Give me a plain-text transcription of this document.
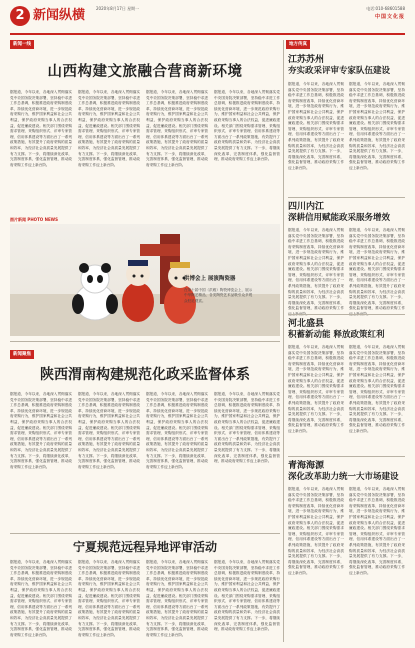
2 新闻纵横	2020年8月17日 星期一	电话:010-68601588
中国文化报
新闻一线	地方传真
山西构建文旅融合营商新环境
据报道，今年以来，各地深入贯彻落实党中央国务院决策部署，坚持稳中求进工作总基调，积极推进政府采购制度改革，持续优化营商环境，进一步规范政府采购行为，维护国家利益和社会公共利益，保护政府采购当事人的合法权益，促进廉政建设。相关部门围绕采购需求管理、采购组织形式、评审专家管理、信用体系建设等方面出台了一系列政策措施，有效提升了政府采购的质量和效率，为经济社会高质量发展提供了有力支撑。下一步，将继续深化改革，完善制度体系，强化监督管理，推动政府采购工作迈上新台阶。
据报道，今年以来，各地深入贯彻落实党中央国务院决策部署，坚持稳中求进工作总基调，积极推进政府采购制度改革，持续优化营商环境，进一步规范政府采购行为，维护国家利益和社会公共利益，保护政府采购当事人的合法权益，促进廉政建设。相关部门围绕采购需求管理、采购组织形式、评审专家管理、信用体系建设等方面出台了一系列政策措施，有效提升了政府采购的质量和效率，为经济社会高质量发展提供了有力支撑。下一步，将继续深化改革，完善制度体系，强化监督管理，推动政府采购工作迈上新台阶。
据报道，今年以来，各地深入贯彻落实党中央国务院决策部署，坚持稳中求进工作总基调，积极推进政府采购制度改革，持续优化营商环境，进一步规范政府采购行为，维护国家利益和社会公共利益，保护政府采购当事人的合法权益，促进廉政建设。相关部门围绕采购需求管理、采购组织形式、评审专家管理、信用体系建设等方面出台了一系列政策措施，有效提升了政府采购的质量和效率，为经济社会高质量发展提供了有力支撑。下一步，将继续深化改革，完善制度体系，强化监督管理，推动政府采购工作迈上新台阶。
据报道，今年以来，各地深入贯彻落实党中央国务院决策部署，坚持稳中求进工作总基调，积极推进政府采购制度改革，持续优化营商环境，进一步规范政府采购行为，维护国家利益和社会公共利益，保护政府采购当事人的合法权益，促进廉政建设。相关部门围绕采购需求管理、采购组织形式、评审专家管理、信用体系建设等方面出台了一系列政策措施，有效提升了政府采购的质量和效率，为经济社会高质量发展提供了有力支撑。下一步，将继续深化改革，完善制度体系，强化监督管理，推动政府采购工作迈上新台阶。
图片新闻 PHOTO NEWS
洪博会上 展演陶瓷器
在第十届中国（洪雅）陶瓷博览会上，展示中华陶艺精品，各类陶瓷艺术品吸引众多观众驻足观赏。
新闻聚焦
陕西渭南构建规范化政采监督体系
据报道，今年以来，各地深入贯彻落实党中央国务院决策部署，坚持稳中求进工作总基调，积极推进政府采购制度改革，持续优化营商环境，进一步规范政府采购行为，维护国家利益和社会公共利益，保护政府采购当事人的合法权益，促进廉政建设。相关部门围绕采购需求管理、采购组织形式、评审专家管理、信用体系建设等方面出台了一系列政策措施，有效提升了政府采购的质量和效率，为经济社会高质量发展提供了有力支撑。下一步，将继续深化改革，完善制度体系，强化监督管理，推动政府采购工作迈上新台阶。
据报道，今年以来，各地深入贯彻落实党中央国务院决策部署，坚持稳中求进工作总基调，积极推进政府采购制度改革，持续优化营商环境，进一步规范政府采购行为，维护国家利益和社会公共利益，保护政府采购当事人的合法权益，促进廉政建设。相关部门围绕采购需求管理、采购组织形式、评审专家管理、信用体系建设等方面出台了一系列政策措施，有效提升了政府采购的质量和效率，为经济社会高质量发展提供了有力支撑。下一步，将继续深化改革，完善制度体系，强化监督管理，推动政府采购工作迈上新台阶。
据报道，今年以来，各地深入贯彻落实党中央国务院决策部署，坚持稳中求进工作总基调，积极推进政府采购制度改革，持续优化营商环境，进一步规范政府采购行为，维护国家利益和社会公共利益，保护政府采购当事人的合法权益，促进廉政建设。相关部门围绕采购需求管理、采购组织形式、评审专家管理、信用体系建设等方面出台了一系列政策措施，有效提升了政府采购的质量和效率，为经济社会高质量发展提供了有力支撑。下一步，将继续深化改革，完善制度体系，强化监督管理，推动政府采购工作迈上新台阶。
据报道，今年以来，各地深入贯彻落实党中央国务院决策部署，坚持稳中求进工作总基调，积极推进政府采购制度改革，持续优化营商环境，进一步规范政府采购行为，维护国家利益和社会公共利益，保护政府采购当事人的合法权益，促进廉政建设。相关部门围绕采购需求管理、采购组织形式、评审专家管理、信用体系建设等方面出台了一系列政策措施，有效提升了政府采购的质量和效率，为经济社会高质量发展提供了有力支撑。下一步，将继续深化改革，完善制度体系，强化监督管理，推动政府采购工作迈上新台阶。
宁夏规范远程异地评审活动
据报道，今年以来，各地深入贯彻落实党中央国务院决策部署，坚持稳中求进工作总基调，积极推进政府采购制度改革，持续优化营商环境，进一步规范政府采购行为，维护国家利益和社会公共利益，保护政府采购当事人的合法权益，促进廉政建设。相关部门围绕采购需求管理、采购组织形式、评审专家管理、信用体系建设等方面出台了一系列政策措施，有效提升了政府采购的质量和效率，为经济社会高质量发展提供了有力支撑。下一步，将继续深化改革，完善制度体系，强化监督管理，推动政府采购工作迈上新台阶。
据报道，今年以来，各地深入贯彻落实党中央国务院决策部署，坚持稳中求进工作总基调，积极推进政府采购制度改革，持续优化营商环境，进一步规范政府采购行为，维护国家利益和社会公共利益，保护政府采购当事人的合法权益，促进廉政建设。相关部门围绕采购需求管理、采购组织形式、评审专家管理、信用体系建设等方面出台了一系列政策措施，有效提升了政府采购的质量和效率，为经济社会高质量发展提供了有力支撑。下一步，将继续深化改革，完善制度体系，强化监督管理，推动政府采购工作迈上新台阶。
据报道，今年以来，各地深入贯彻落实党中央国务院决策部署，坚持稳中求进工作总基调，积极推进政府采购制度改革，持续优化营商环境，进一步规范政府采购行为，维护国家利益和社会公共利益，保护政府采购当事人的合法权益，促进廉政建设。相关部门围绕采购需求管理、采购组织形式、评审专家管理、信用体系建设等方面出台了一系列政策措施，有效提升了政府采购的质量和效率，为经济社会高质量发展提供了有力支撑。下一步，将继续深化改革，完善制度体系，强化监督管理，推动政府采购工作迈上新台阶。
据报道，今年以来，各地深入贯彻落实党中央国务院决策部署，坚持稳中求进工作总基调，积极推进政府采购制度改革，持续优化营商环境，进一步规范政府采购行为，维护国家利益和社会公共利益，保护政府采购当事人的合法权益，促进廉政建设。相关部门围绕采购需求管理、采购组织形式、评审专家管理、信用体系建设等方面出台了一系列政策措施，有效提升了政府采购的质量和效率，为经济社会高质量发展提供了有力支撑。下一步，将继续深化改革，完善制度体系，强化监督管理，推动政府采购工作迈上新台阶。
江苏苏州
夯实政采评审专家队伍建设
据报道，今年以来，各地深入贯彻落实党中央国务院决策部署，坚持稳中求进工作总基调，积极推进政府采购制度改革，持续优化营商环境，进一步规范政府采购行为，维护国家利益和社会公共利益，保护政府采购当事人的合法权益，促进廉政建设。相关部门围绕采购需求管理、采购组织形式、评审专家管理、信用体系建设等方面出台了一系列政策措施，有效提升了政府采购的质量和效率，为经济社会高质量发展提供了有力支撑。下一步，将继续深化改革，完善制度体系，强化监督管理，推动政府采购工作迈上新台阶。
据报道，今年以来，各地深入贯彻落实党中央国务院决策部署，坚持稳中求进工作总基调，积极推进政府采购制度改革，持续优化营商环境，进一步规范政府采购行为，维护国家利益和社会公共利益，保护政府采购当事人的合法权益，促进廉政建设。相关部门围绕采购需求管理、采购组织形式、评审专家管理、信用体系建设等方面出台了一系列政策措施，有效提升了政府采购的质量和效率，为经济社会高质量发展提供了有力支撑。下一步，将继续深化改革，完善制度体系，强化监督管理，推动政府采购工作迈上新台阶。
四川内江
深耕信用赋能政采服务增效
据报道，今年以来，各地深入贯彻落实党中央国务院决策部署，坚持稳中求进工作总基调，积极推进政府采购制度改革，持续优化营商环境，进一步规范政府采购行为，维护国家利益和社会公共利益，保护政府采购当事人的合法权益，促进廉政建设。相关部门围绕采购需求管理、采购组织形式、评审专家管理、信用体系建设等方面出台了一系列政策措施，有效提升了政府采购的质量和效率，为经济社会高质量发展提供了有力支撑。下一步，将继续深化改革，完善制度体系，强化监督管理，推动政府采购工作
据报道，今年以来，各地深入贯彻落实党中央国务院决策部署，坚持稳中求进工作总基调，积极推进政府采购制度改革，持续优化营商环境，进一步规范政府采购行为，维护国家利益和社会公共利益，保护政府采购当事人的合法权益，促进廉政建设。相关部门围绕采购需求管理、采购组织形式、评审专家管理、信用体系建设等方面出台了一系列政策措施，有效提升了政府采购的质量和效率，为经济社会高质量发展提供了有力支撑。下一步，将继续深化改革，完善制度体系，强化监督管理，推动政府采购工作
河北盛县
积蓄新动能 释放政策红利
据报道，今年以来，各地深入贯彻落实党中央国务院决策部署，坚持稳中求进工作总基调，积极推进政府采购制度改革，持续优化营商环境，进一步规范政府采购行为，维护国家利益和社会公共利益，保护政府采购当事人的合法权益，促进廉政建设。相关部门围绕采购需求管理、采购组织形式、评审专家管理、信用体系建设等方面出台了一系列政策措施，有效提升了政府采购的质量和效率，为经济社会高质量发展提供了有力支撑。下一步，将继续深化改革，完善制度体系，强化监督管理，推动政府采购工作迈上新台阶。
据报道，今年以来，各地深入贯彻落实党中央国务院决策部署，坚持稳中求进工作总基调，积极推进政府采购制度改革，持续优化营商环境，进一步规范政府采购行为，维护国家利益和社会公共利益，保护政府采购当事人的合法权益，促进廉政建设。相关部门围绕采购需求管理、采购组织形式、评审专家管理、信用体系建设等方面出台了一系列政策措施，有效提升了政府采购的质量和效率，为经济社会高质量发展提供了有力支撑。下一步，将继续深化改革，完善制度体系，强化监督管理，推动政府采购工作迈上新台阶。
青海海源
深化改革助力统一大市场建设
据报道，今年以来，各地深入贯彻落实党中央国务院决策部署，坚持稳中求进工作总基调，积极推进政府采购制度改革，持续优化营商环境，进一步规范政府采购行为，维护国家利益和社会公共利益，保护政府采购当事人的合法权益，促进廉政建设。相关部门围绕采购需求管理、采购组织形式、评审专家管理、信用体系建设等方面出台了一系列政策措施，有效提升了政府采购的质量和效率，为经济社会高质量发展提供了有力支撑。下一步，将继续深化改革，完善制度体系，强化监督管理，推动政府采购工作迈上新台阶。
据报道，今年以来，各地深入贯彻落实党中央国务院决策部署，坚持稳中求进工作总基调，积极推进政府采购制度改革，持续优化营商环境，进一步规范政府采购行为，维护国家利益和社会公共利益，保护政府采购当事人的合法权益，促进廉政建设。相关部门围绕采购需求管理、采购组织形式、评审专家管理、信用体系建设等方面出台了一系列政策措施，有效提升了政府采购的质量和效率，为经济社会高质量发展提供了有力支撑。下一步，将继续深化改革，完善制度体系，强化监督管理，推动政府采购工作迈上新台阶。
